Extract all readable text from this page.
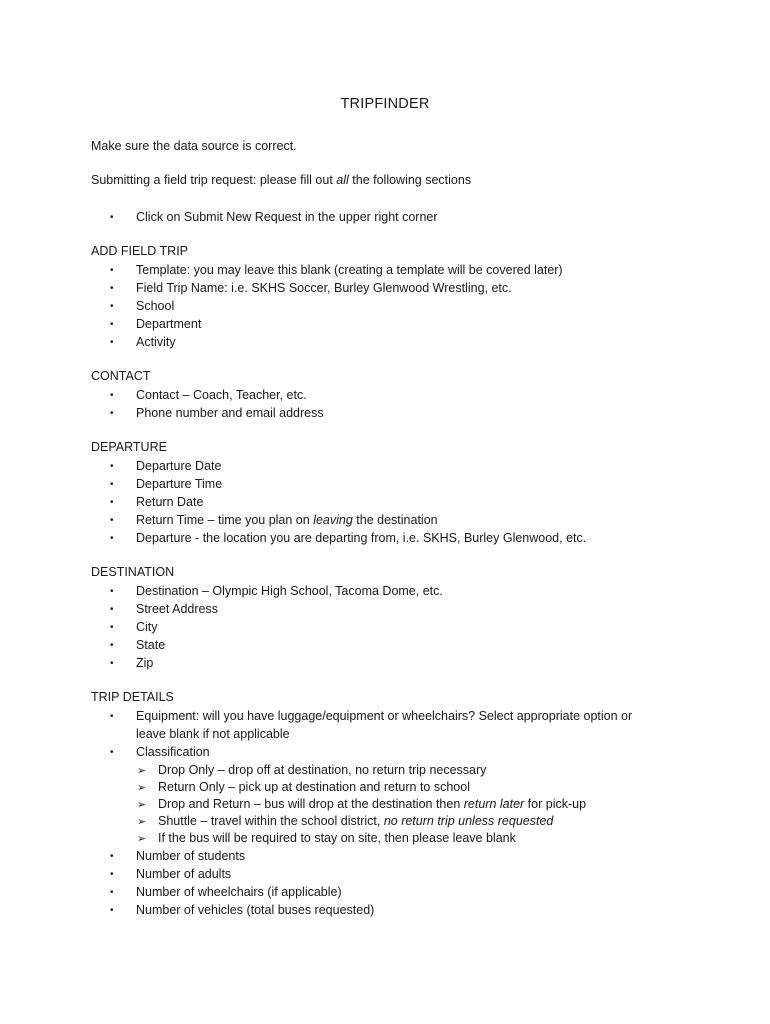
TRIPFINDER
Make sure the data source is correct.
Submitting a field trip request: please fill out all the following sections
• Click on Submit New Request in the upper right corner
ADD FIELD TRIP
• Template: you may leave this blank (creating a template will be covered later)
• Field Trip Name: i.e. SKHS Soccer, Burley Glenwood Wrestling, etc.
• School
• Department
• Activity
CONTACT
• Contact – Coach, Teacher, etc.
• Phone number and email address
DEPARTURE
• Departure Date
• Departure Time
• Return Date
• Return Time – time you plan on leaving the destination
• Departure - the location you are departing from, i.e. SKHS, Burley Glenwood, etc.
DESTINATION
• Destination – Olympic High School, Tacoma Dome, etc.
• Street Address
• City
• State
• Zip
TRIP DETAILS
• Equipment: will you have luggage/equipment or wheelchairs? Select appropriate option or
leave blank if not applicable
• Classification
➢ Drop Only – drop off at destination, no return trip necessary
➢ Return Only – pick up at destination and return to school
➢ Drop and Return – bus will drop at the destination then return later for pick-up
➢ Shuttle – travel within the school district, no return trip unless requested
➢ If the bus will be required to stay on site, then please leave blank
• Number of students
• Number of adults
• Number of wheelchairs (if applicable)
• Number of vehicles (total buses requested)
